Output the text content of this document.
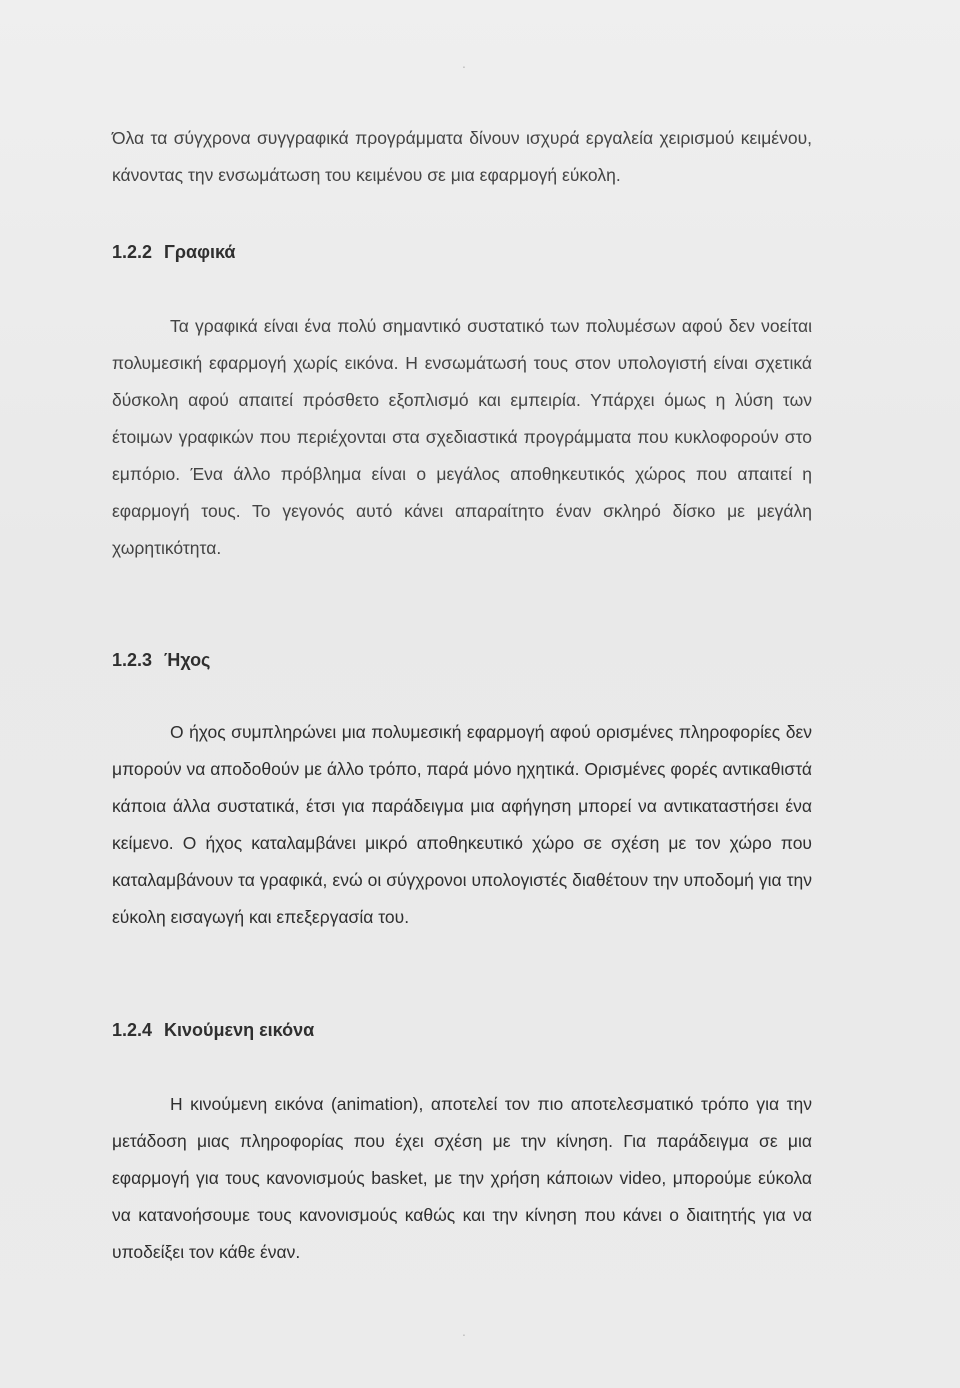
·

Όλα τα σύγχρονα συγγραφικά προγράμματα δίνουν ισχυρά εργαλεία χειρισμού κειμένου, κάνοντας την ενσωμάτωση του κειμένου σε μια εφαρμογή εύκολη.

1.2.2 Γραφικά

Τα γραφικά είναι ένα πολύ σημαντικό συστατικό των πολυμέσων αφού δεν νοείται πολυμεσική εφαρμογή χωρίς εικόνα. Η ενσωμάτωσή τους στον υπολογιστή είναι σχετικά δύσκολη αφού απαιτεί πρόσθετο εξοπλισμό και εμπειρία. Υπάρχει όμως η λύση των έτοιμων γραφικών που περιέχονται στα σχεδιαστικά προγράμματα που κυκλοφορούν στο εμπόριο. Ένα άλλο πρόβλημα είναι ο μεγάλος αποθηκευτικός χώρος που απαιτεί η εφαρμογή τους. Το γεγονός αυτό κάνει απαραίτητο έναν σκληρό δίσκο με μεγάλη χωρητικότητα.

1.2.3 Ήχος

Ο ήχος συμπληρώνει μια πολυμεσική εφαρμογή αφού ορισμένες πληροφορίες δεν μπορούν να αποδοθούν με άλλο τρόπο, παρά μόνο ηχητικά. Ορισμένες φορές αντικαθιστά κάποια άλλα συστατικά, έτσι για παράδειγμα μια αφήγηση μπορεί να αντικαταστήσει ένα κείμενο. Ο ήχος καταλαμβάνει μικρό αποθηκευτικό χώρο σε σχέση με τον χώρο που καταλαμβάνουν τα γραφικά, ενώ οι σύγχρονοι υπολογιστές διαθέτουν την υποδομή για την εύκολη εισαγωγή και επεξεργασία του.

1.2.4 Κινούμενη εικόνα

Η κινούμενη εικόνα (animation), αποτελεί τον πιο αποτελεσματικό τρόπο για την μετάδοση μιας πληροφορίας που έχει σχέση με την κίνηση. Για παράδειγμα σε μια εφαρμογή για τους κανονισμούς basket, με την χρήση κάποιων video, μπορούμε εύκολα να κατανοήσουμε τους κανονισμούς καθώς και την κίνηση που κάνει ο διαιτητής για να υποδείξει τον κάθε έναν.

·
